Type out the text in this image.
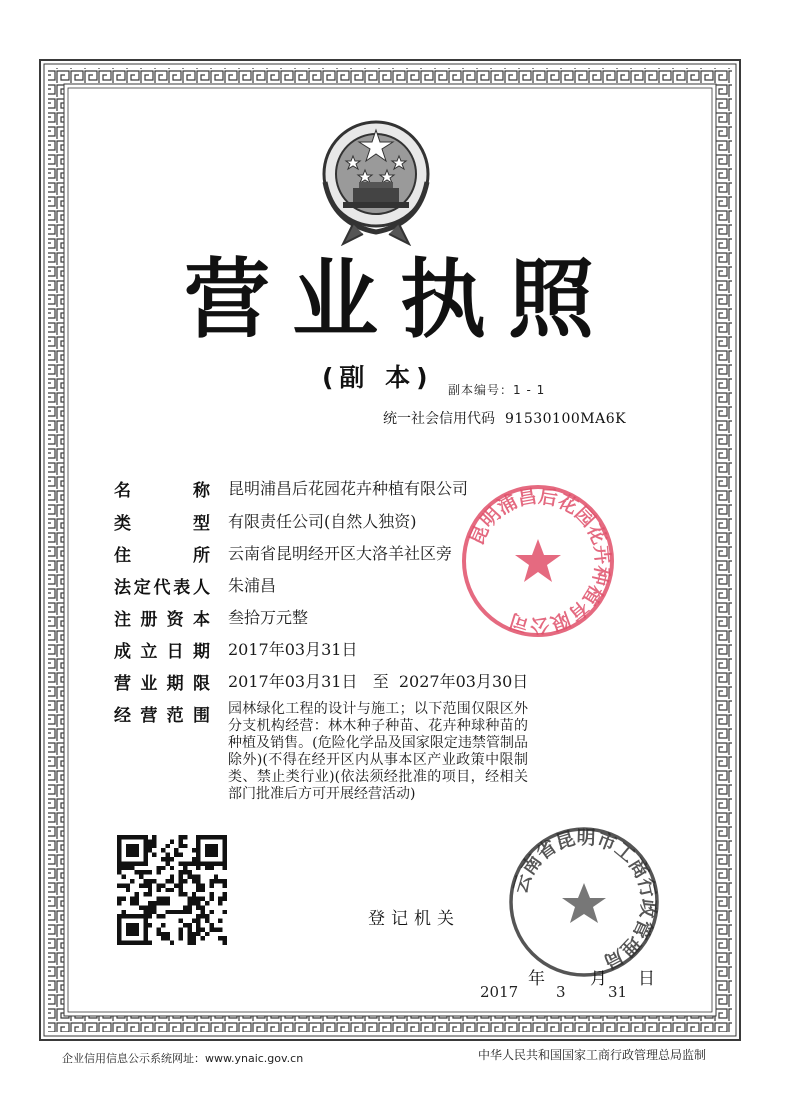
营业执照
(副 本) 副本编号：1 - 1
统一社会信用代码 91530100MA6K
昆明浦昌后花园花卉种植有限公司
名称 昆明浦昌后花园花卉种植有限公司
类型 有限责任公司(自然人独资)
住所 云南省昆明经开区大洛羊社区旁
法定代表人 朱浦昌
注册资本 叁拾万元整
成立日期 2017年03月31日
营业期限 2017年03月31日   至  2027年03月30日
经营范围 园林绿化工程的设计与施工；以下范围仅限区外分支机构经营：林木种子种苗、花卉种球种苗的种植及销售。(危险化学品及国家限定违禁管制品除外)(不得在经开区内从事本区产业政策中限制类、禁止类行业)(依法须经批准的项目，经相关部门批准后方可开展经营活动)
登记机关
云南省昆明市工商行政管理局
年	月 日
2017	3	31
企业信用信息公示系统网址：www.ynaic.gov.cn	中华人民共和国国家工商行政管理总局监制
